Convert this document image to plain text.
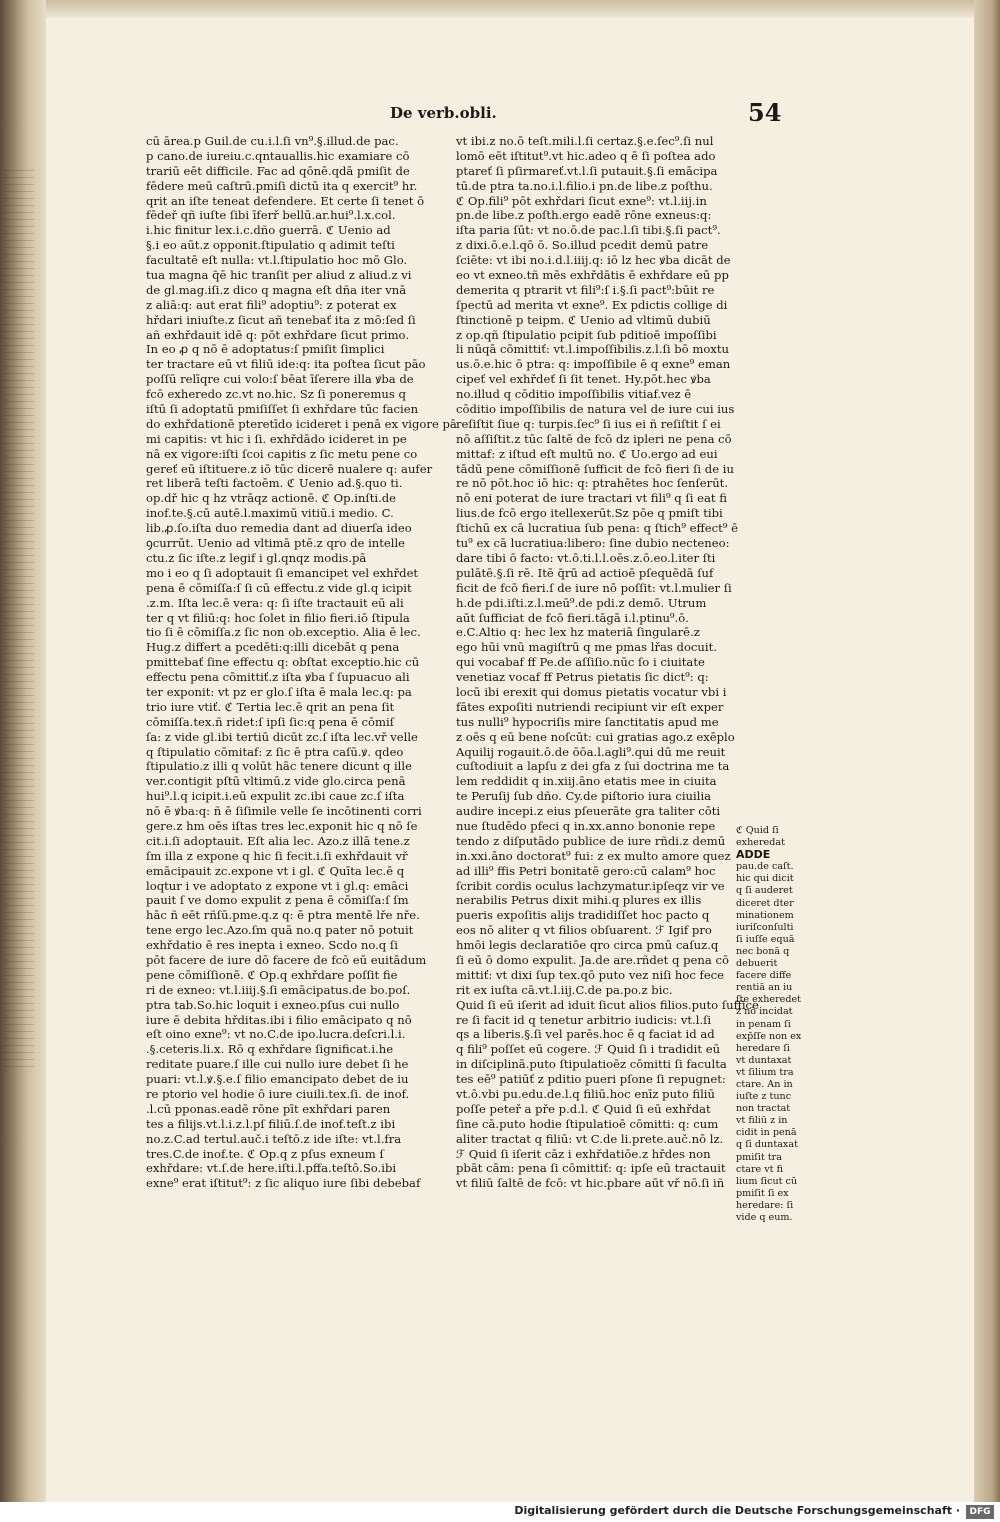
De verb.obli.	54
cū ārea.p Guil.de cu.i.l.ſi vn⁹.§.illud.de pac.
p cano.de iureiu.c.qntauallis.hic examiare cō
trariū eēt difficile. Fac ad qōnē.qdā pmiſit de
fēdere meū caſtrū.pmiſi dictū ita q exercit⁹ hr.
qrit an iſte teneat defendere. Et certe ſi tenet ō
fēdeř qñ iuſte ſibi īferř bellū.ar.hui⁹.l.x.col.
i.hic finitur lex.i.c.dño guerrā. ℭ Uenio ad
§.i eo aūt.z opponit.ſtipulatio q adimit teſti
facultatē eſt nulla: vt.l.ſtipulatio hoc mō Glo.
tua magna q̄ē hic tranſit per aliud z aliud.z vi
de gl.mag.iſi.z dico q magna eſt dña iter vnā
z aliā:q: aut erat fili⁹ adoptiu⁹: z poterat ex
hřdari iniuſte.z ſicut añ tenebať ita z mō:ſed ſi
añ exhřdauit idē q: pōt exhřdare ſicut primo.
In eo ꝓ q nō ē adoptatus:ſ pmiſit ſimplici
ter tractare eū vt filiū ide:q: ita poſtea ſicut pāo
poſſū relīqre cui volo:ſ bēat īſerere illa ꝟba de
fcō exheredo zc.vt no.hic. Sz ſi poneremus q
iſtū ſi adoptatū pmiſiſſet ſi exhřdare tūc facien
do exhřdationē pteretīdo icideret i penā ex vigore pā
mi capitis: vt hic i ſi. exhřdādo icideret in pe
nā ex vigore:iſti ſcoi capitis z ſic metu pene co
gereť eū iſtituere.z iō tūc dicerē nualere q: aufer
ret liberā teſti factoēm. ℭ Uenio ad.§.quo ti.
op.dř hic q hz vtrāqz actionē. ℭ Op.inſti.de
inof.te.§.cū autē.l.maximū vitiū.i medio. C.
lib.ꝓ.ſo.iſta duo remedia dant ad diuerſa ideo
ꝯcurrūt. Uenio ad vltimā ptē.z qro de intelle
ctu.z ſic iſte.z legif i gl.qnqz modis.pā
mo i eo q ſi adoptauit ſi emancipet vel exhřdet
pena ē cōmiſſa:ſ ſi cū effectu.z vide gl.q icipit
.z.m. Iſta lec.ē vera: q: ſi iſte tractauit eū ali
ter q vt filiū:q: hoc ſolet in filio fieri.iō ſtipula
tio ſi ē cōmiſſa.z ſic non ob.exceptio. Alia ē lec.
Hug.z differt a pcedēti:q:illi dicebāt q pena
pmittebať ſine effectu q: obſtat exceptio.hic cū
effectu pena cōmittiť.z iſta ꝟba ſ ſupuacuo ali
ter exponit: vt pz er glo.ſ iſta ē mala lec.q: pa
trio iure vtiť. ℭ Tertia lec.ē qrit an pena ſit
cōmiſſa.tex.ñ ridet:ſ ipſi ſic:q pena ē cōmiſ
ſa: z vide gl.ibi tertiū dicūt zc.ſ iſta lec.vř velle
q ſtipulatio cōmitaf: z ſic ē ptra caſū.ꝟ. qdeo
ſtipulatio.z illi q volūt hāc tenere dicunt q ille
ver.contigit pſtū vltimū.z vide glo.circa penā
hui⁹.l.q icipit.i.eū expulit zc.ibi caue zc.ſ iſta
nō ē ꝟba:q: ñ ē ſiſimile velle ſe incōtinenti corri
gere.z hm oēs iſtas tres lec.exponit hic q nō ſe
cit.i.ſi adoptauit. Eſt alia lec. Azo.z illā tene.z
ſm illa z expone q hic ſi fecit.i.ſi exhřdauit vř
emācipauit zc.expone vt i gl. ℭ Quīta lec.ē q
loqtur i ve adoptato z expone vt i gl.q: emāci
pauit ſ ve domo expulit z pena ē cōmiſſa:ſ ſm
hāc ñ eēt rñſū.pme.q.z q: ē ptra mentē lře nře.
tene ergo lec.Azo.ſm quā no.q pater nō potuit
exhřdatio ē res inepta i exneo. Scdo no.q ſi
pōt facere de iure dō facere de fcō eū euitādum
pene cōmiſſionē. ℭ Op.q exhřdare poſſit fie
ri de exneo: vt.l.iiij.§.ſi emācipatus.de bo.poſ.
ptra tab.So.hic loquit i exneo.pſus cui nullo
iure ē debita hřditas.ibi i filio emācipato q nō
eſt oino exne⁹: vt no.C.de ipo.lucra.deſcri.l.i.
.§.ceteris.li.x. Rō q exhřdare ſignificat.i.he
reditate puare.ſ ille cui nullo iure debet ſi he
puari: vt.l.ꝟ.§.e.ſ filio emancipato debet de iu
re ptorio vel hodie ō iure ciuili.tex.ſi. de inof.
.l.cū pponas.eadē rōne pīt exhřdari paren
tes a filijs.vt.l.i.z.l.pſ filiū.ſ.de inof.teſt.z ibi
no.z.C.ad tertul.auč.i teſtō.z ide iſte: vt.l.fra
tres.C.de inof.te. ℭ Op.q z pſus exneum ſ
exhřdare: vt.ſ.de here.iſti.l.pffa.teſtō.So.ibi
exne⁹ erat iſtitut⁹: z ſic aliquo iure ſibi debebaf
vt ibi.z no.ō teſt.mili.l.ſi certaz.§.e.ſec⁹.ſi nul
lomō eēt iſtitut⁹.vt hic.adeo q ē ſi poſtea ado
ptareť ſi pſirmareť.vt.l.ſi putauit.§.ſi emācipa
tū.de ptra ta.no.i.l.filio.i pn.de libe.z poſthu.
ℭ Op.fili⁹ pōt exhřdari ſicut exne⁹: vt.l.iij.in
pn.de libe.z poſth.ergo eadē rōne exneus:q:
iſta paria ſūt: vt no.ō.de pac.l.ſi tibi.§.ſi pact⁹.
z dixi.ō.e.l.qō ō. So.illud pcedit demū patre
ſciēte: vt ibi no.i.d.l.iiij.q: iō lz hec ꝟba dicāt de
eo vt exneo.tñ mēs exhřdātis ē exhřdare eū pp
demerita q ptrarit vt fili⁹:ſ i.§.ſi pact⁹:būit re
ſpectū ad merita vt exne⁹. Ex pdictis collige di
ſtinctionē p teipm. ℭ Uenio ad vltimū dubiū
z op.qñ ſtipulatio pcipit ſub pditioē impoſſibi
li nūqā cōmittiť: vt.l.impoſſibilis.z.l.ſi bō moxtu
us.ō.e.hic ō ptra: q: impoſſibile ē q exne⁹ eman
cipeť vel exhřdeť ſi ſit tenet. Hy.pōt.hec ꝟba
no.illud q cōditio impoſſibilis vitiaf.vez ē
cōditio impoſſibilis de natura vel de iure cui ius
reſiſtit ſiue q: turpis.ſec⁹ ſi ius ei ñ reſiſtit ſ ei
nō aſſiſtit.z tūc ſaltē de fcō dz ipleri ne pena cō
mittaf: z iſtud eſt multū no. ℭ Uo.ergo ad eui
tādū pene cōmiſſionē ſufficit de fcō fieri ſi de iu
re nō pōt.hoc iō hic: q: ptrahētes hoc ſenſerūt.
nō eni poterat de iure tractari vt fili⁹ q ſi eat fi
lius.de fcō ergo itellexerūt.Sz pōe q pmiſt tibi
ſtichū ex cā lucratiua ſub pena: q ſtich⁹ effect⁹ ē
tu⁹ ex cā lucratiua:libero: ſine dubio necteneo:
dare tibi ō facto: vt.ō.ti.l.l.oēs.z.ō.eo.l.iter ſti
pulātē.§.ſi rē. Itē q̄rū ad actioē pſequēdā ſuf
ficit de fcō fieri.ſ de iure nō poſſit: vt.l.mulier ſi
h.de pdi.iſti.z.l.meū⁹.de pdi.z demō. Utrum
aūt ſufficiat de fcō fieri.tāgā i.l.ptinu⁹.ō.
e.C.Altio q: hec lex hz materiā ſingularē.z
ego hūi vnū magiſtrū q me pmas lřas docuit.
qui vocabaf ff Pe.de aſſiſio.nūc ſo i ciuitate
venetiaz vocaf ff Petrus pietatis ſic dict⁹: q:
locū ibi erexit qui domus pietatis vocatur vbi i
fātes expoſiti nutriendi recipiunt vir eſt exper
tus nulli⁹ hypocriſis mire ſanctitatis apud me
z oēs q eū bene noſcūt: cui gratias ago.z exēplo
Aquilij rogauit.ō.de ōōa.l.agli⁹.qui dū me reuit
cuſtodiuit a lapſu z dei gfa z ſui doctrina me ta
lem reddidit q in.xiij.āno etatis mee in ciuita
te Peruſij ſub dño. Cy.de piſtorio iura ciuilia
audire incepi.z eius pſeuerāte gra taliter cōti
nue ſtudēdo pfeci q in.xx.anno bononie repe
tendo z diſputādo publice de iure rñdi.z demū
in.xxi.āno doctorat⁹ fui: z ex multo amore quez
ad illi⁹ ffis Petri bonitatē gero:cū calam⁹ hoc
ſcribit cordis oculus lachzymatur.ipſeqz vir ve
nerabilis Petrus dixit mihi.q plures ex illis
pueris expoſitis alijs tradidiſſet hoc pacto q
eos nō aliter q vt filios obſuarent. ℱ Igif pro
hmōi legis declaratiōe qro circa pmū caſuz.q
ſi eū ō domo expulit. Ja.de are.rñdet q pena cō
mittiť: vt dixi ſup tex.qō puto vez niſi hoc fece
rit ex iuſta cā.vt.l.iij.C.de pa.po.z bic.
Quid ſi eū iſerit ad iduit ſicut alios filios.puto ſuffice
re ſi facit id q tenetur arbitrio iudicis: vt.l.ſi
qs a liberis.§.ſi vel parēs.hoc ē q faciat id ad
q fili⁹ poſſet eū cogere. ℱ Quid ſi i tradidit eū
in diſciplinā.puto ſtipulatioēz cōmitti ſi faculta
tes eē⁹ patiūť z pditio pueri pſone ſi repugnet:
vt.ō.vbi pu.edu.de.l.q filiū.hoc enīz puto filiū
poſſe peteř a pře p.d.l. ℭ Quid ſi eū exhřdat
ſine cā.puto hodie ſtipulatioē cōmitti: q: cum
aliter tractat q filiū: vt C.de li.prete.auč.nō lz.
ℱ Quid ſi iſerit cāz i exhřdatiōe.z hřdes non
pbāt cām: pena ſi cōmittiť: q: ipſe eū tractauit
vt filiū ſaltē de fcō: vt hic.pbare aūt vř nō.ſi iñ
ℭ Quid ſi
exheredat
ADDE
pau.de caſt.
hic qui dicit
q ſi auderet
diceret dter
minationem
iuriſconſulti
ſi iuſſe equā
nec bonā q
debuerit
facere diffe
rentiā an iu
ſte exheredet
z nō incidat
in penam ſi
exp̄ſſe non ex
heredare ſi
vt duntaxat
vt ſilium tra
ctare. An in
iuſte z tunc
non tractat
vt filiū z in
cidit in penā
q ſi duntaxat
pmiſit tra
ctare vt fi
lium ſicut cū
pmiſit ſi ex
heredare: ſi
vide q eum.
Digitalisierung gefördert durch die Deutsche Forschungsgemeinschaft ·	DFG
